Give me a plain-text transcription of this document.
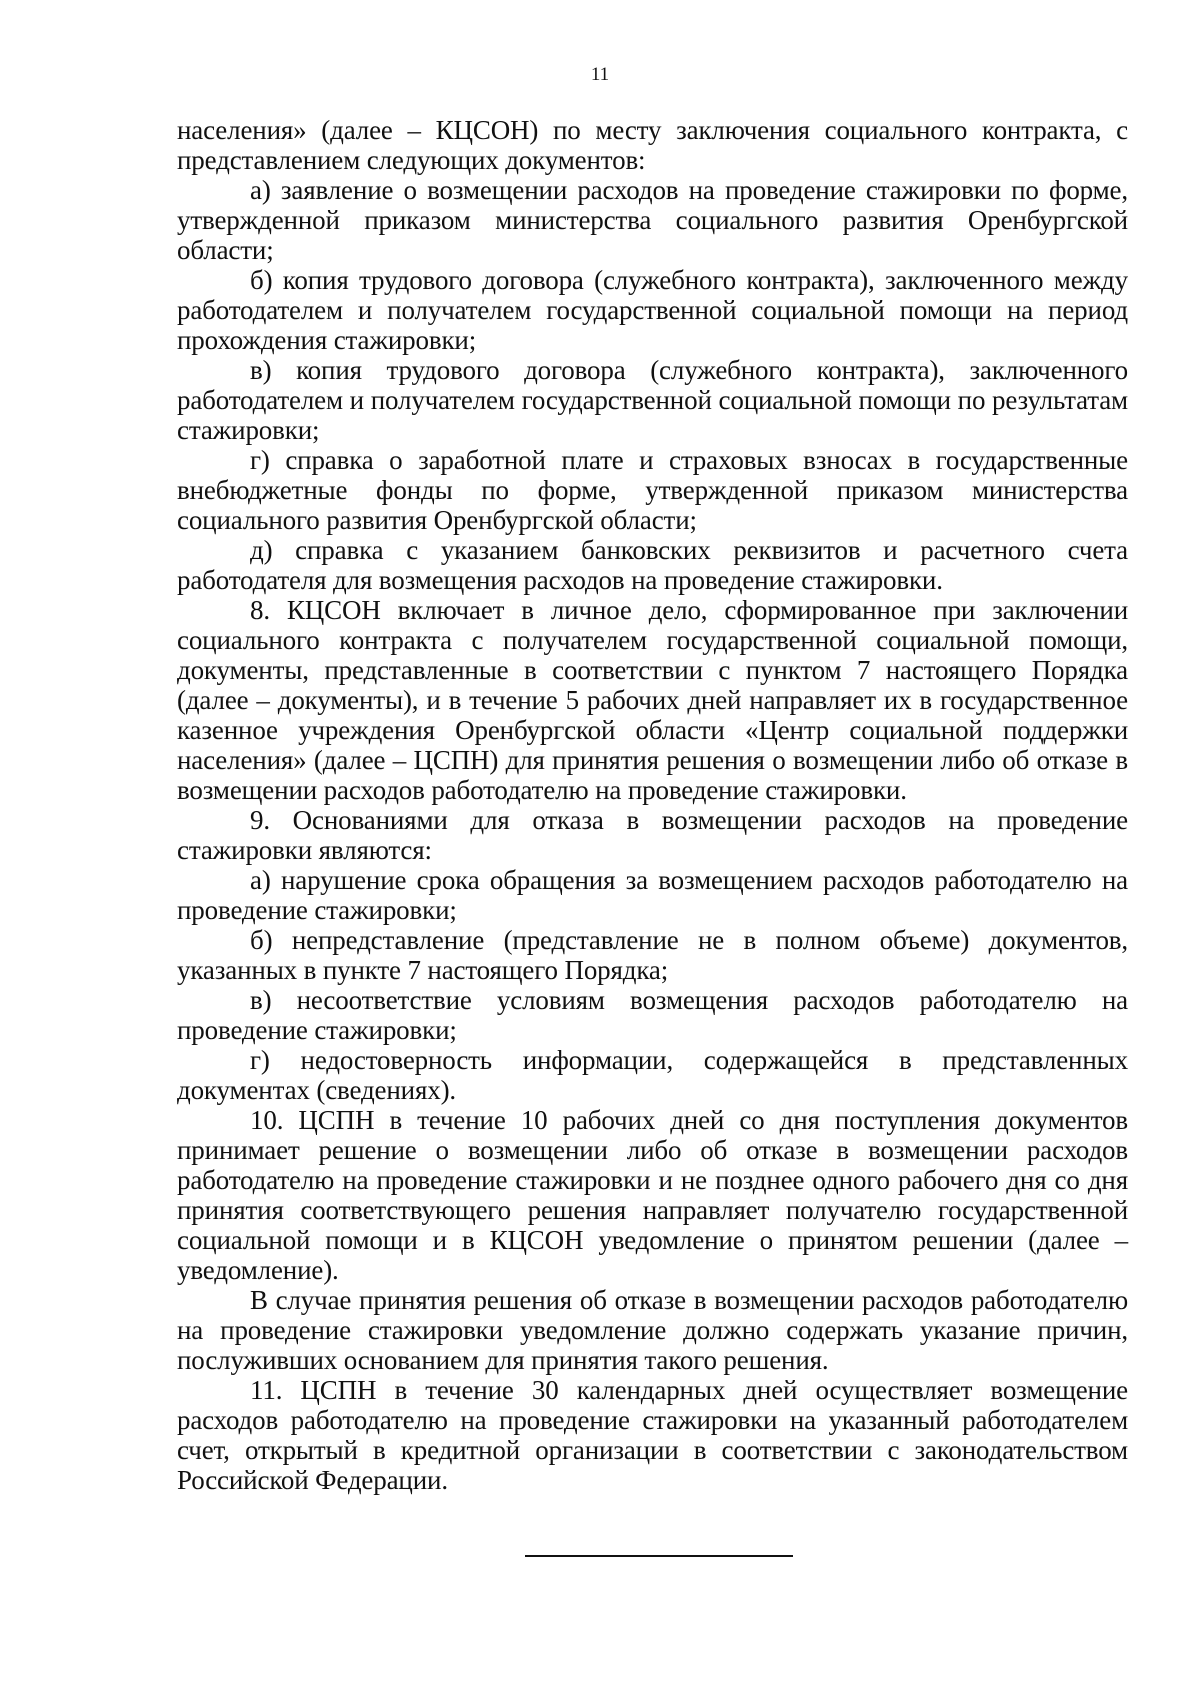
11

населения» (далее – КЦСОН) по месту заключения социального контракта, с представлением следующих документов:

а) заявление о возмещении расходов на проведение стажировки по форме, утвержденной приказом министерства социального развития Оренбургской области;

б) копия трудового договора (служебного контракта), заключенного между работодателем и получателем государственной социальной помощи на период прохождения стажировки;

в) копия трудового договора (служебного контракта), заключенного работодателем и получателем государственной социальной помощи по результатам стажировки;

г) справка о заработной плате и страховых взносах в государственные внебюджетные фонды по форме, утвержденной приказом министерства социального развития Оренбургской области;

д) справка с указанием банковских реквизитов и расчетного счета работодателя для возмещения расходов на проведение стажировки.

8. КЦСОН включает в личное дело, сформированное при заключении социального контракта с получателем государственной социальной помощи, документы, представленные в соответствии с пунктом 7 настоящего Порядка (далее – документы), и в течение 5 рабочих дней направляет их в государственное казенное учреждения Оренбургской области «Центр социальной поддержки населения» (далее – ЦСПН) для принятия решения о возмещении либо об отказе в возмещении расходов работодателю на проведение стажировки.

9. Основаниями для отказа в возмещении расходов на проведение стажировки являются:

а) нарушение срока обращения за возмещением расходов работодателю на проведение стажировки;

б) непредставление (представление не в полном объеме) документов, указанных в пункте 7 настоящего Порядка;

в) несоответствие условиям возмещения расходов работодателю на проведение стажировки;

г) недостоверность информации, содержащейся в представленных документах (сведениях).

10. ЦСПН в течение 10 рабочих дней со дня поступления документов принимает решение о возмещении либо об отказе в возмещении расходов работодателю на проведение стажировки и не позднее одного рабочего дня со дня принятия соответствующего решения направляет получателю государственной социальной помощи и в КЦСОН уведомление о принятом решении (далее – уведомление).

В случае принятия решения об отказе в возмещении расходов работодателю на проведение стажировки уведомление должно содержать указание причин, послуживших основанием для принятия такого решения.

11. ЦСПН в течение 30 календарных дней осуществляет возмещение расходов работодателю на проведение стажировки на указанный работодателем счет, открытый в кредитной организации в соответствии с законодательством Российской Федерации.
